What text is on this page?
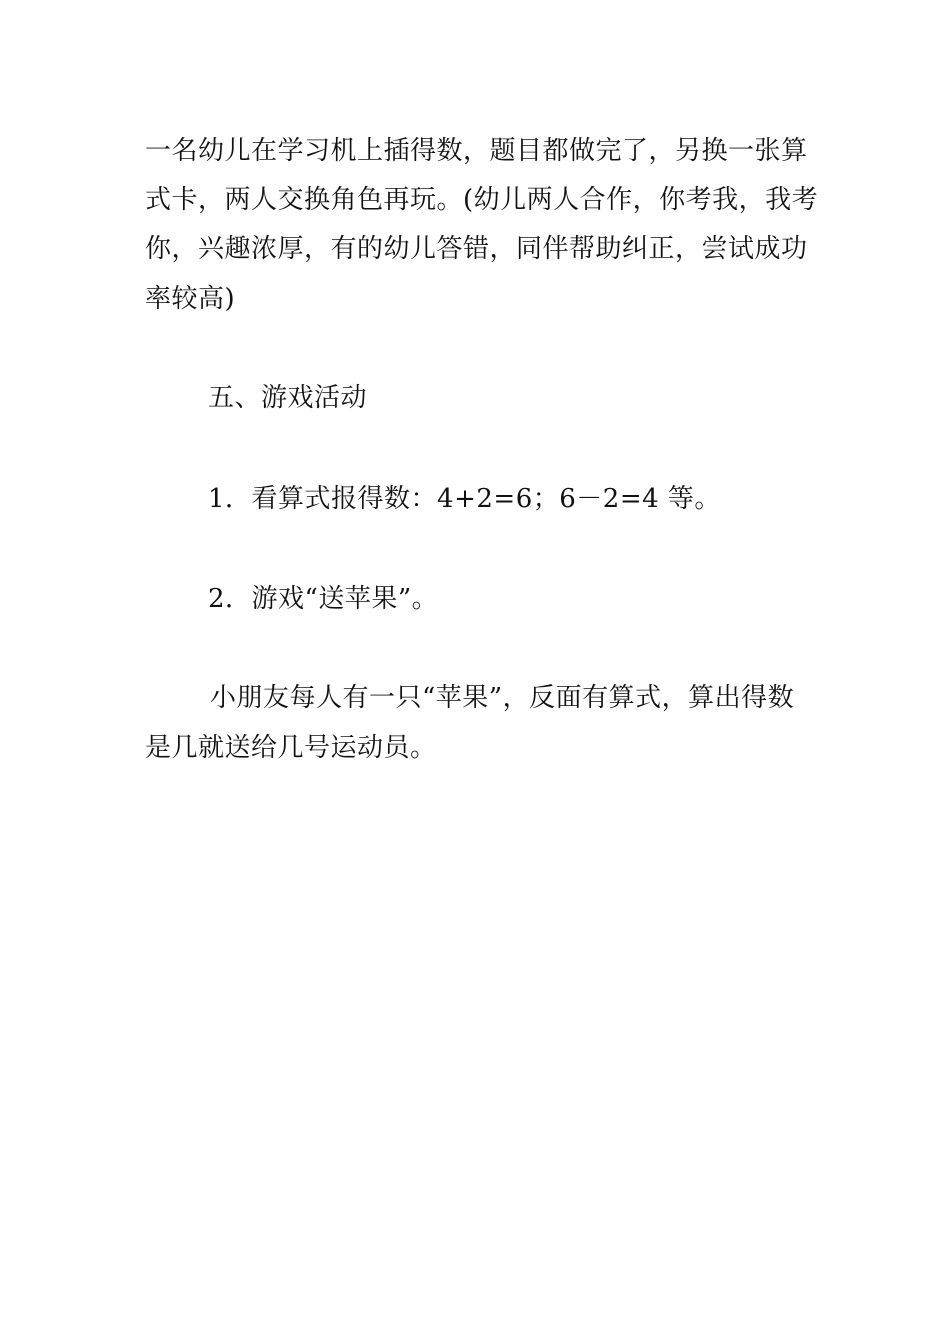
一名幼儿在学习机上插得数，题目都做完了，另换一张算
式卡，两人交换角色再玩。(幼儿两人合作，你考我，我考
你，兴趣浓厚，有的幼儿答错，同伴帮助纠正，尝试成功
率较高)
五、游戏活动
1．看算式报得数：4+2=6；6－2=4 等。
2．游戏“送苹果”。
小朋友每人有一只“苹果”，反面有算式，算出得数
是几就送给几号运动员。
